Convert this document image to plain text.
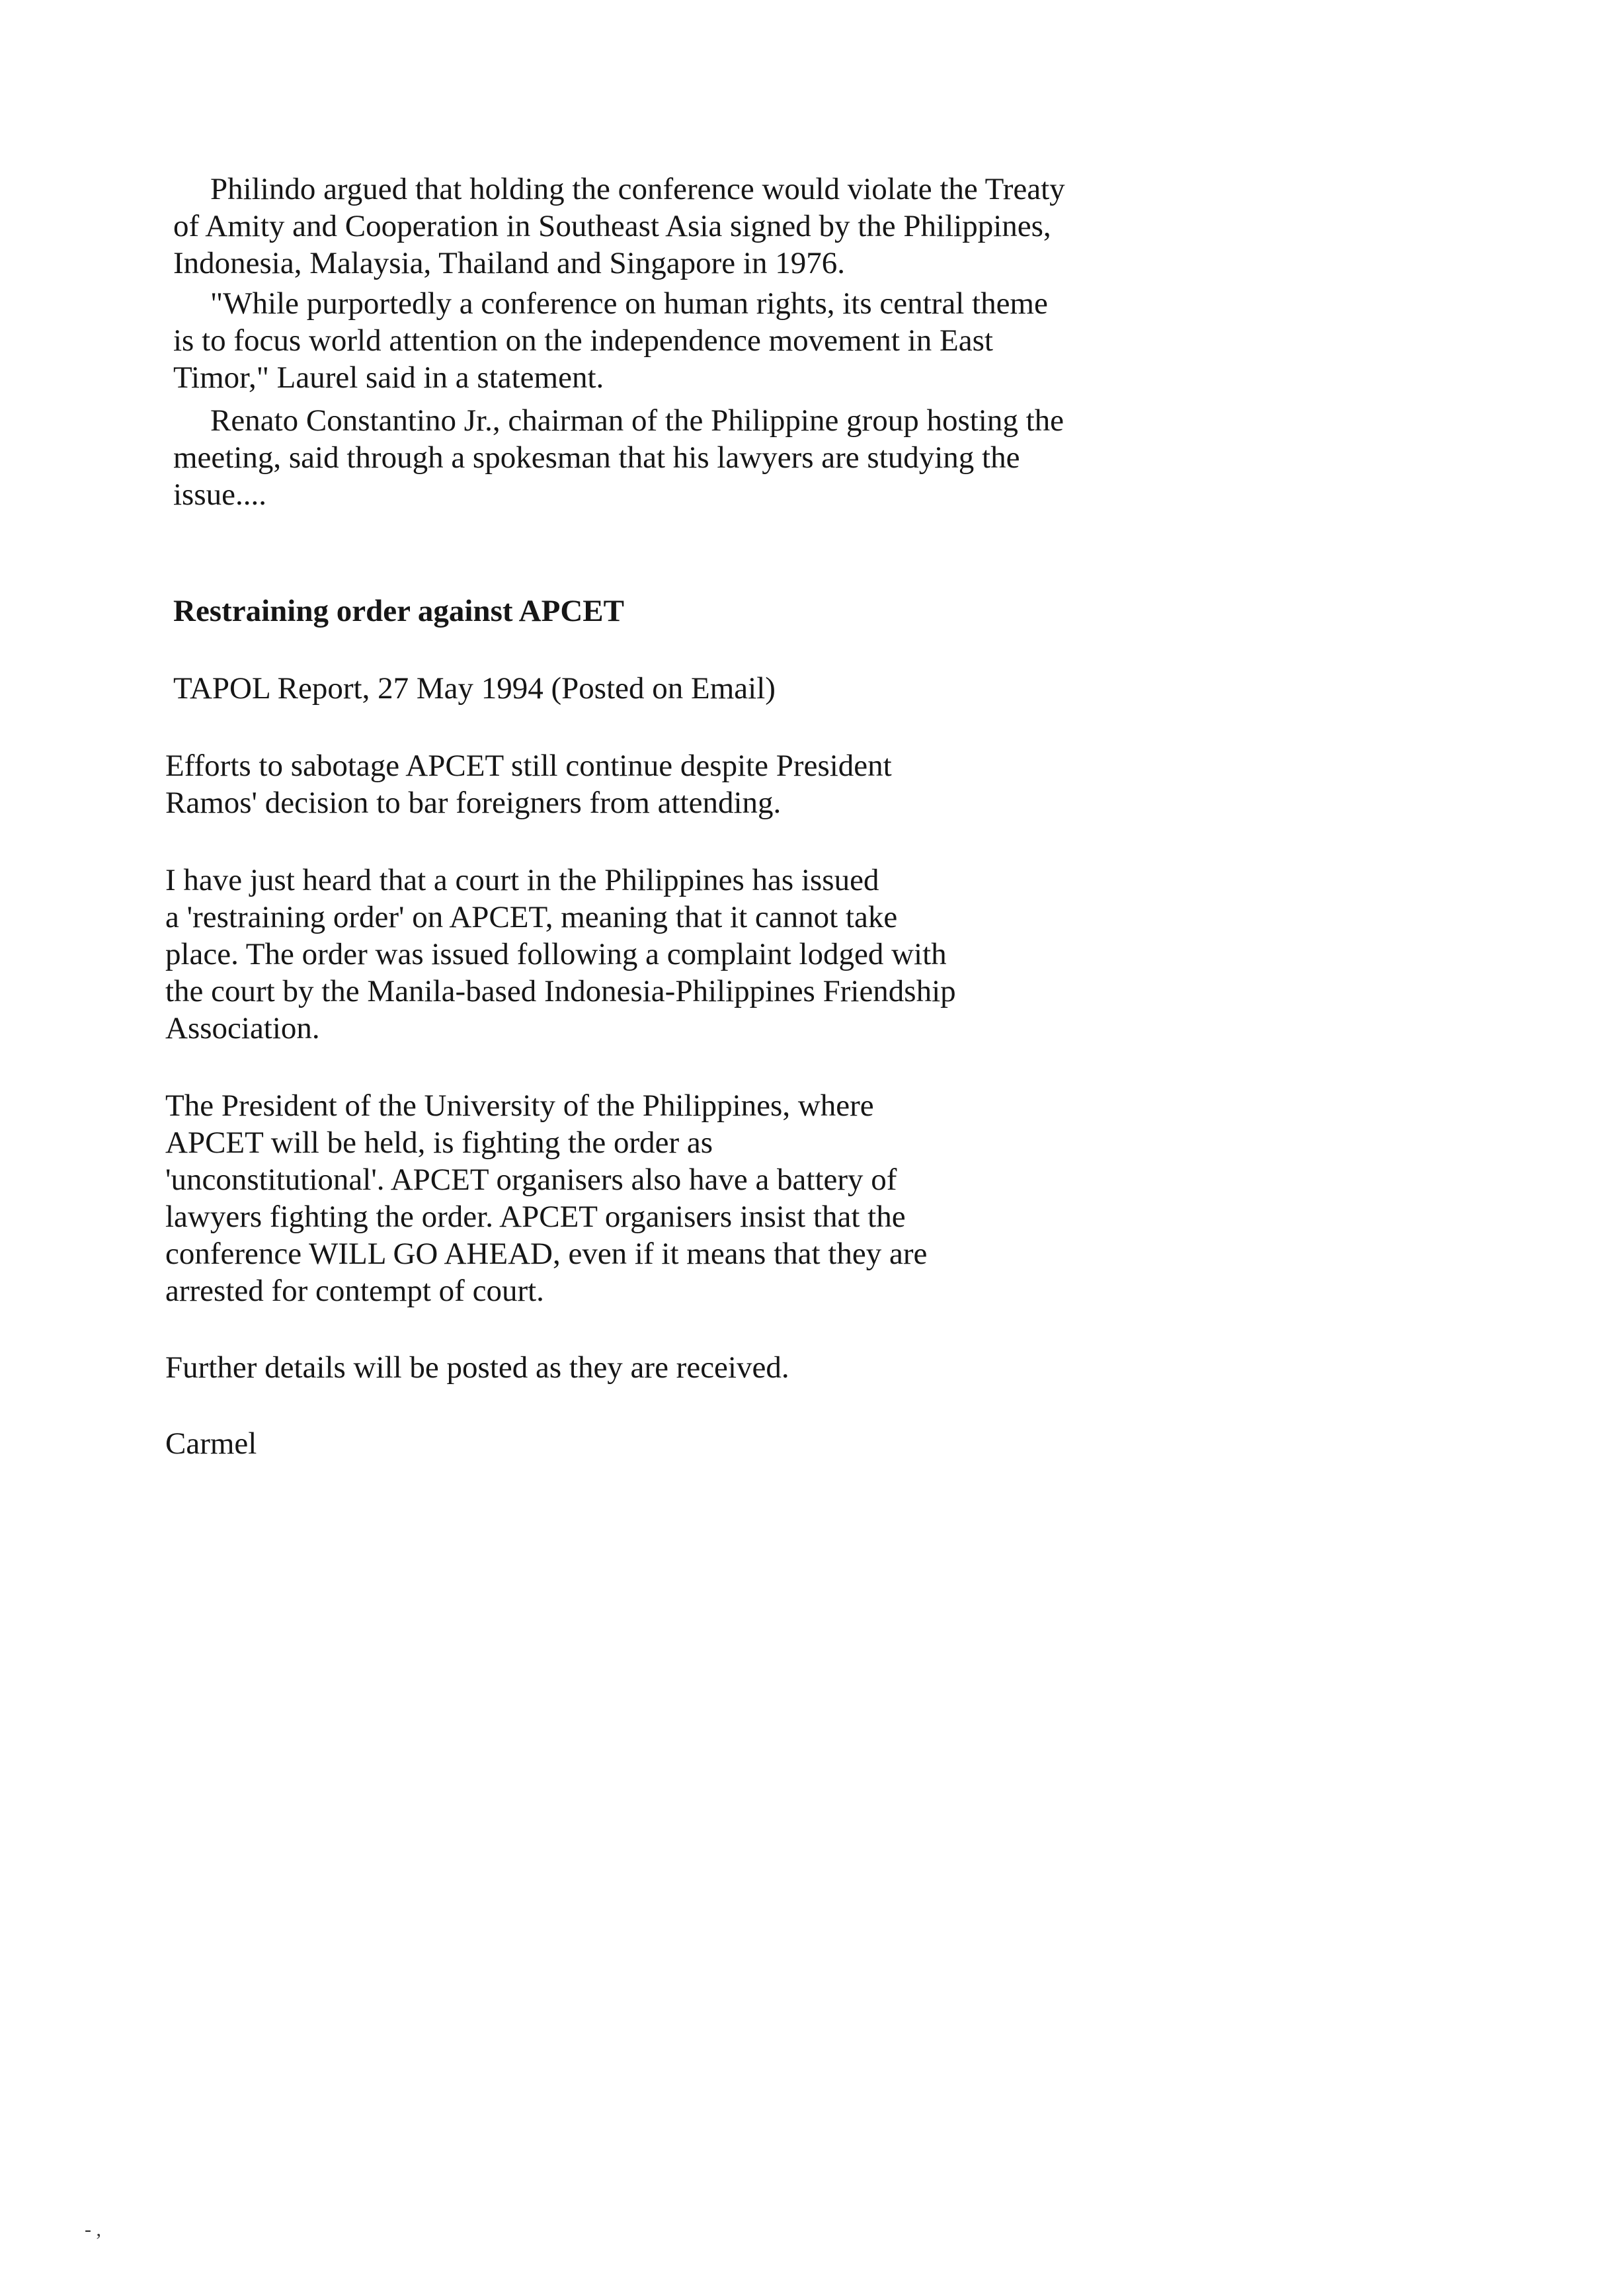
Philindo argued that holding the conference would violate the Treaty
of Amity and Cooperation in Southeast Asia signed by the Philippines,
Indonesia, Malaysia, Thailand and Singapore in 1976.
"While purportedly a conference on human rights, its central theme
is to focus world attention on the independence movement in East
Timor," Laurel said in a statement.
Renato Constantino Jr., chairman of the Philippine group hosting the
meeting, said through a spokesman that his lawyers are studying the
issue....
Restraining order against APCET
TAPOL Report, 27 May 1994 (Posted on Email)
Efforts to sabotage APCET still continue despite President
Ramos' decision to bar foreigners from attending.
I have just heard that a court in the Philippines has issued
a 'restraining order' on APCET, meaning that it cannot take
place. The order was issued following a complaint lodged with
the court by the Manila-based Indonesia-Philippines Friendship
Association.
The President of the University of the Philippines, where
APCET will be held, is fighting the order as
'unconstitutional'. APCET organisers also have a battery of
lawyers fighting the order. APCET organisers insist that the
conference WILL GO AHEAD, even if it means that they are
arrested for contempt of court.
Further details will be posted as they are received.
Carmel
- ,
